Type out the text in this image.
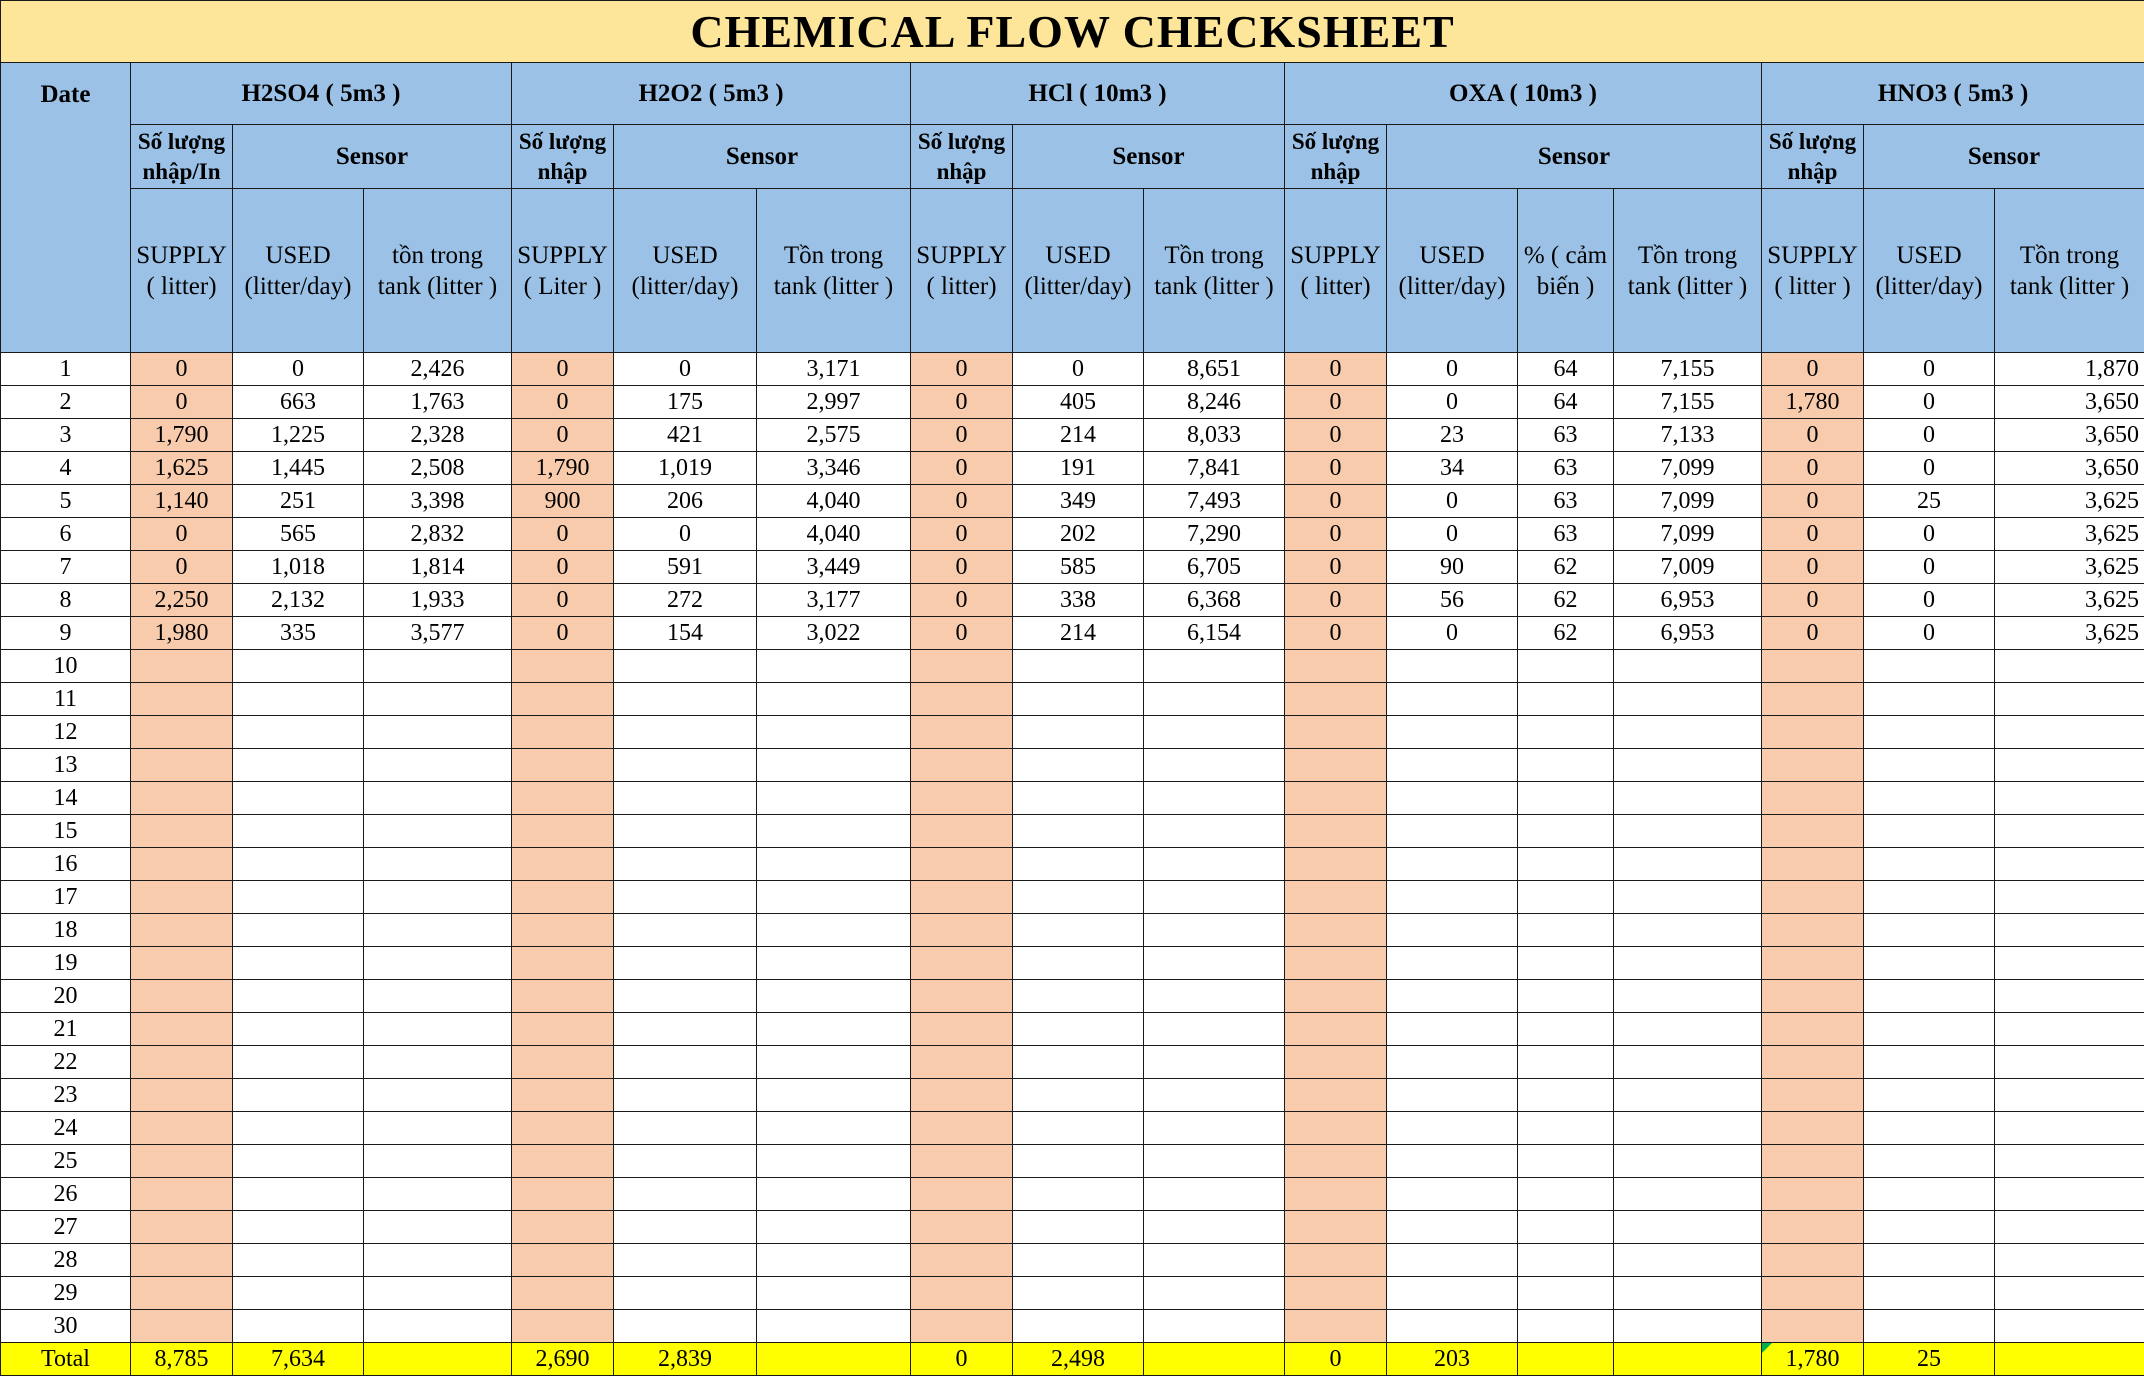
CHEMICAL FLOW CHECKSHEET																
Date	H2SO4 ( 5m3 )			H2O2 ( 5m3 )			HCl ( 10m3 )			OXA ( 10m3 )				HNO3 ( 5m3 )		

	Số lượng nhập/In	Sensor		Số lượng nhập	Sensor		Số lượng nhập	Sensor		Số lượng nhập	Sensor			Số lượng nhập	Sensor	
	SUPPLY ( litter)	USED (litter/day)	tồn trong tank (litter )	SUPPLY ( Liter )	USED (litter/day)	Tồn trong tank (litter )	SUPPLY ( litter)	USED (litter/day)	Tồn trong tank (litter )	SUPPLY ( litter)	USED (litter/day)	% ( cảm biến )	Tồn trong tank (litter )	SUPPLY ( litter )	USED (litter/day)	Tồn trong tank (litter )
1	0	0	2,426	0	0	3,171	0	0	8,651	0	0	64	7,155	0	0	1,870
2	0	663	1,763	0	175	2,997	0	405	8,246	0	0	64	7,155	1,780	0	3,650
3	1,790	1,225	2,328	0	421	2,575	0	214	8,033	0	23	63	7,133	0	0	3,650
4	1,625	1,445	2,508	1,790	1,019	3,346	0	191	7,841	0	34	63	7,099	0	0	3,650
5	1,140	251	3,398	900	206	4,040	0	349	7,493	0	0	63	7,099	0	25	3,625
6	0	565	2,832	0	0	4,040	0	202	7,290	0	0	63	7,099	0	0	3,625
7	0	1,018	1,814	0	591	3,449	0	585	6,705	0	90	62	7,009	0	0	3,625
8	2,250	2,132	1,933	0	272	3,177	0	338	6,368	0	56	62	6,953	0	0	3,625
9	1,980	335	3,577	0	154	3,022	0	214	6,154	0	0	62	6,953	0	0	3,625
10																
11																
12																
13																
14																
15																
16																
17																
18																
19																
20																
21																
22																
23																
24																
25																
26																
27																
28																
29																
30																
Total	8,785	7,634		2,690	2,839		0	2,498		0	203			1,780	25	
